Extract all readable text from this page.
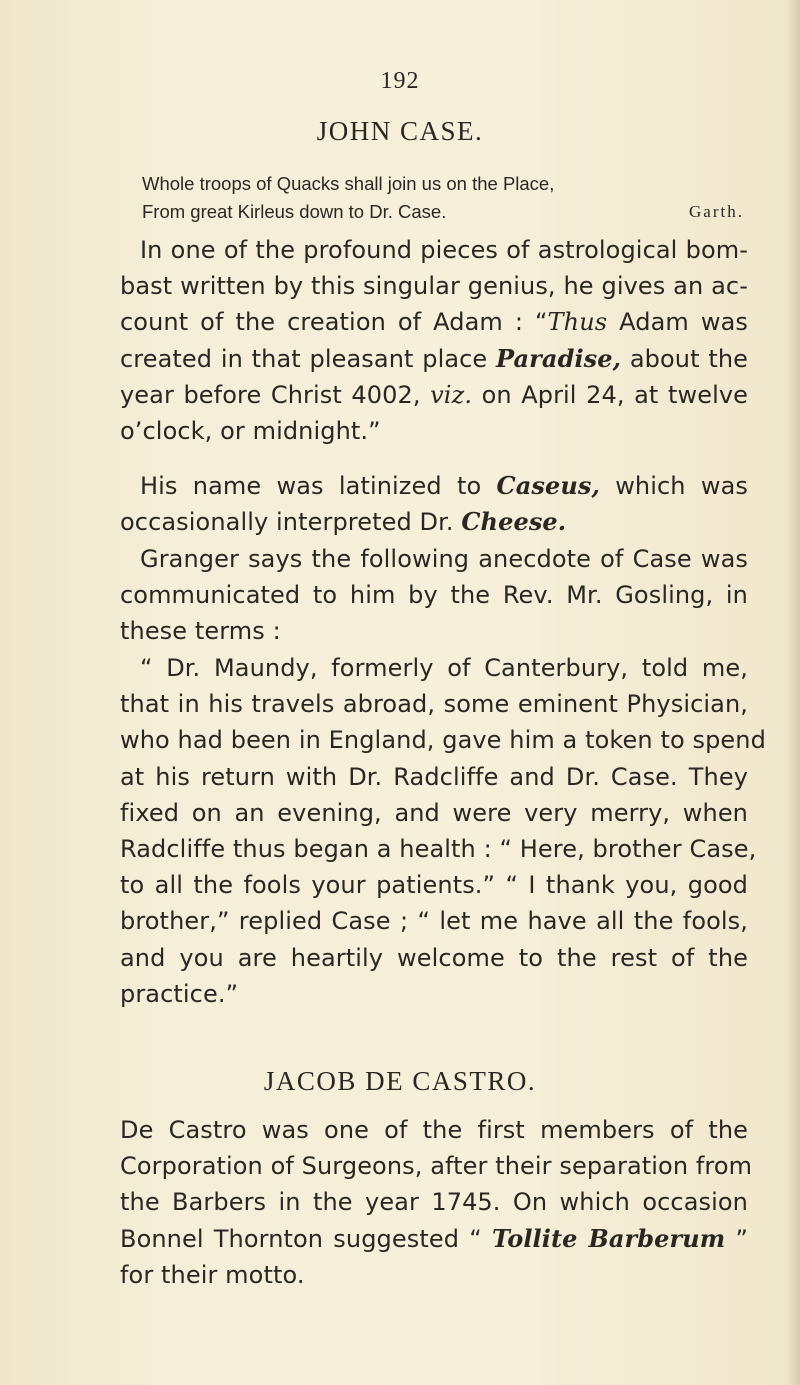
192
JOHN CASE.
Whole troops of Quacks shall join us on the Place,
From great Kirleus down to Dr. Case.	Garth.
In one of the profound pieces of astrological bom-
bast written by this singular genius, he gives an ac-
count of the creation of Adam : “Thus Adam was
created in that pleasant place Paradise, about the
year before Christ 4002, viz. on April 24, at twelve
o’clock, or midnight.”
His name was latinized to Caseus, which was
occasionally interpreted Dr. Cheese.
Granger says the following anecdote of Case was
communicated to him by the Rev. Mr. Gosling, in
these terms :
“ Dr. Maundy, formerly of Canterbury, told me,
that in his travels abroad, some eminent Physician,
who had been in England, gave him a token to spend
at his return with Dr. Radcliffe and Dr. Case. They
fixed on an evening, and were very merry, when
Radcliffe thus began a health : “ Here, brother Case,
to all the fools your patients.” “ I thank you, good
brother,” replied Case ; “ let me have all the fools,
and you are heartily welcome to the rest of the
practice.”
JACOB DE CASTRO.
De Castro was one of the first members of the
Corporation of Surgeons, after their separation from
the Barbers in the year 1745. On which occasion
Bonnel Thornton suggested “ Tollite Barberum ”
for their motto.
